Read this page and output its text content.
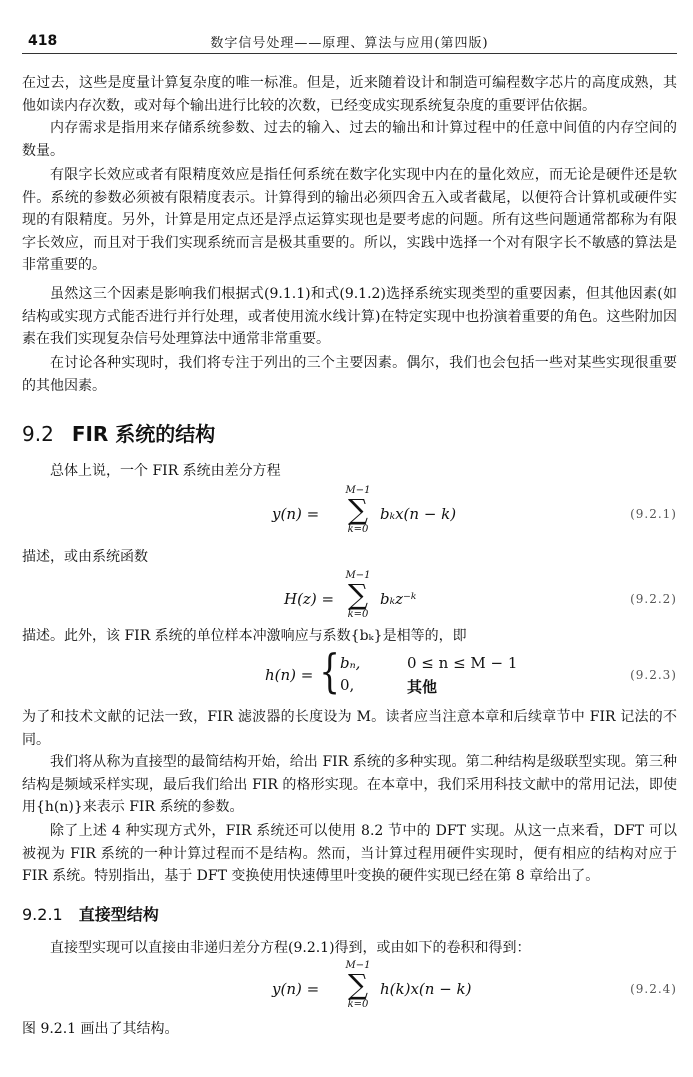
418	数字信号处理——原理、算法与应用(第四版)

在过去，这些是度量计算复杂度的唯一标准。但是，近来随着设计和制造可编程数字芯片的高度成熟，其他如读内存次数，或对每个输出进行比较的次数，已经变成实现系统复杂度的重要评估依据。

内存需求是指用来存储系统参数、过去的输入、过去的输出和计算过程中的任意中间值的内存空间的数量。

有限字长效应或者有限精度效应是指任何系统在数字化实现中内在的量化效应，而无论是硬件还是软件。系统的参数必须被有限精度表示。计算得到的输出必须四舍五入或者截尾，以便符合计算机或硬件实现的有限精度。另外，计算是用定点还是浮点运算实现也是要考虑的问题。所有这些问题通常都称为有限字长效应，而且对于我们实现系统而言是极其重要的。所以，实践中选择一个对有限字长不敏感的算法是非常重要的。

虽然这三个因素是影响我们根据式(9.1.1)和式(9.1.2)选择系统实现类型的重要因素，但其他因素(如结构或实现方式能否进行并行处理，或者使用流水线计算)在特定实现中也扮演着重要的角色。这些附加因素在我们实现复杂信号处理算法中通常非常重要。

在讨论各种实现时，我们将专注于列出的三个主要因素。偶尔，我们也会包括一些对某些实现很重要的其他因素。

9.2 FIR 系统的结构

总体上说，一个 FIR 系统由差分方程

y(n) =
M−1
∑
k=0
bₖx(n − k)	(9.2.1)

描述，或由系统函数

H(z) =
M−1
∑
k=0
bₖz⁻ᵏ	(9.2.2)

描述。此外，该 FIR 系统的单位样本冲激响应与系数{bₖ}是相等的，即

h(n) = { bₙ,	0 ≤ n ≤ M − 1
0,	其他
(9.2.3)

为了和技术文献的记法一致，FIR 滤波器的长度设为 M。读者应当注意本章和后续章节中 FIR 记法的不同。

我们将从称为直接型的最简结构开始，给出 FIR 系统的多种实现。第二种结构是级联型实现。第三种结构是频域采样实现，最后我们给出 FIR 的格形实现。在本章中，我们采用科技文献中的常用记法，即使用{h(n)}来表示 FIR 系统的参数。

除了上述 4 种实现方式外，FIR 系统还可以使用 8.2 节中的 DFT 实现。从这一点来看，DFT 可以被视为 FIR 系统的一种计算过程而不是结构。然而，当计算过程用硬件实现时，便有相应的结构对应于 FIR 系统。特别指出，基于 DFT 变换使用快速傅里叶变换的硬件实现已经在第 8 章给出了。

9.2.1 直接型结构

直接型实现可以直接由非递归差分方程(9.2.1)得到，或由如下的卷积和得到：

y(n) =
M−1
∑
k=0
h(k)x(n − k)	(9.2.4)

图 9.2.1 画出了其结构。
